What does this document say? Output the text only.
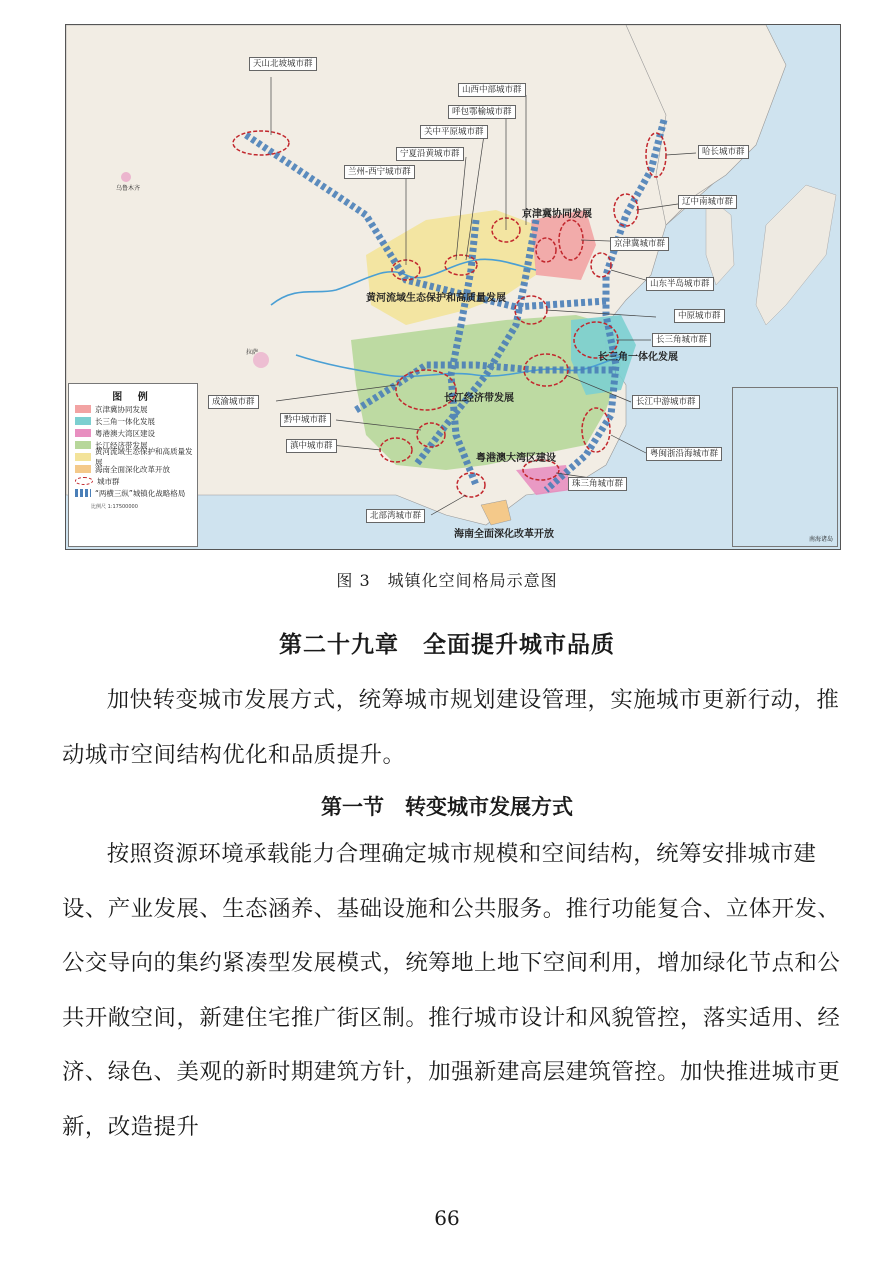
天山北坡城市群
山西中部城市群
呼包鄂榆城市群
关中平原城市群
宁夏沿黄城市群
兰州-西宁城市群
哈长城市群
辽中南城市群
京津冀城市群
山东半岛城市群
中原城市群
长三角城市群
成渝城市群
黔中城市群
滇中城市群
长江中游城市群
粤闽浙沿海城市群
珠三角城市群
北部湾城市群
京津冀协同发展
黄河流域生态保护和高质量发展
长三角一体化发展
长江经济带发展
粤港澳大湾区建设
海南全面深化改革开放
乌鲁木齐
拉萨
图 例
京津冀协同发展
长三角一体化发展
粤港澳大湾区建设
长江经济带发展
黄河流域生态保护和高质量发展
海南全面深化改革开放
城市群
“两横三纵”城镇化战略格局
比例尺 1:17500000
南海诸岛
图 3　城镇化空间格局示意图
第二十九章　全面提升城市品质

加快转变城市发展方式，统筹城市规划建设管理，实施城市更新行动，推动城市空间结构优化和品质提升。

第一节　转变城市发展方式

按照资源环境承载能力合理确定城市规模和空间结构，统筹安排城市建设、产业发展、生态涵养、基础设施和公共服务。推行功能复合、立体开发、公交导向的集约紧凑型发展模式，统筹地上地下空间利用，增加绿化节点和公共开敞空间，新建住宅推广街区制。推行城市设计和风貌管控，落实适用、经济、绿色、美观的新时期建筑方针，加强新建高层建筑管控。加快推进城市更新，改造提升

66
